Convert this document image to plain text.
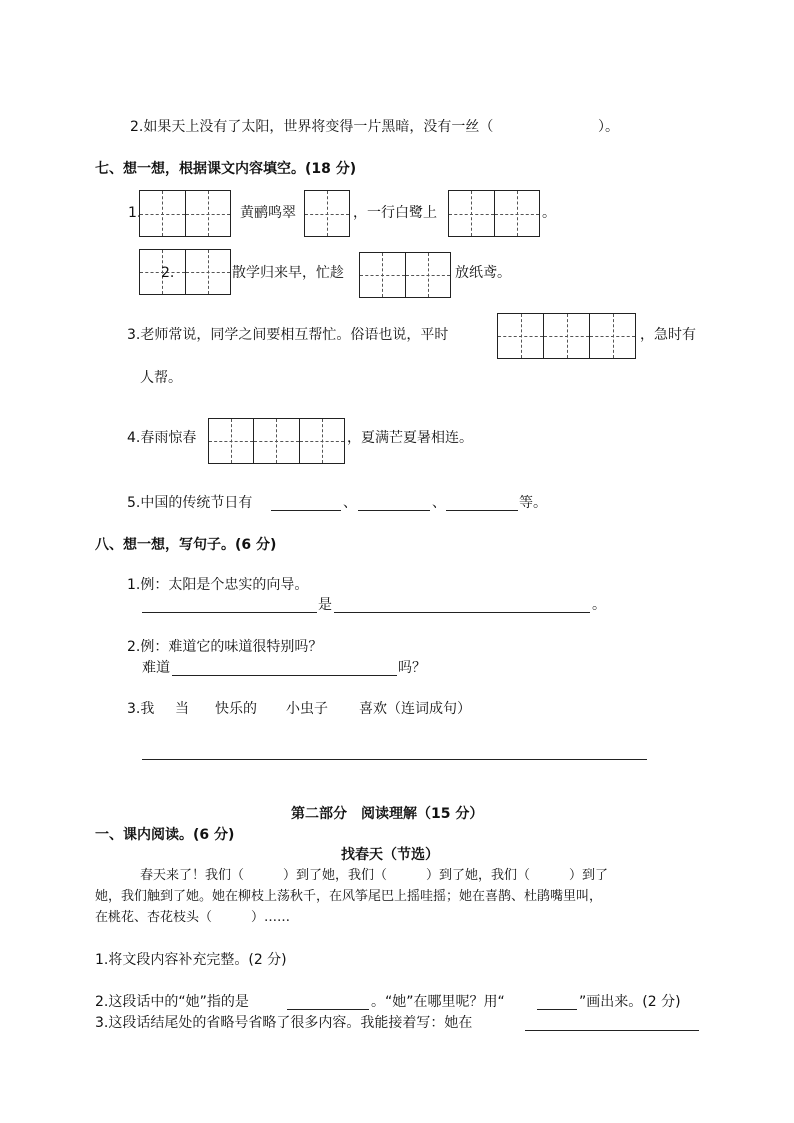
2.如果天上没有了太阳，世界将变得一片黑暗，没有一丝（	）。
七、想一想，根据课文内容填空。(18 分)
1.	黄鹂鸣翠	，一行白鹭上	。
2.	散学归来早，忙趁	放纸鸢。
3.老师常说，同学之间要相互帮忙。俗语也说，平时	，急时有
人帮。
4.春雨惊春	，夏满芒夏暑相连。
5.中国的传统节日有	、	、	等。
八、想一想，写句子。(6 分)
1.例：太阳是个忠实的向导。
是	。
2.例：难道它的味道很特别吗？
难道	吗？
3.我 当 快乐的 小虫子 喜欢（连词成句）
第二部分　阅读理解（15 分）
一、课内阅读。(6 分)
找春天（节选）
春天来了！我们（　　　）到了她，我们（　　　）到了她，我们（　　　）到了
她，我们触到了她。她在柳枝上荡秋千，在风筝尾巴上摇哇摇；她在喜鹊、杜鹃嘴里叫，
在桃花、杏花枝头（　　　）……
1.将文段内容补充完整。(2 分)
2.这段话中的“她”指的是	。“她”在哪里呢？用“	”画出来。(2 分)
3.这段话结尾处的省略号省略了很多内容。我能接着写：她在
